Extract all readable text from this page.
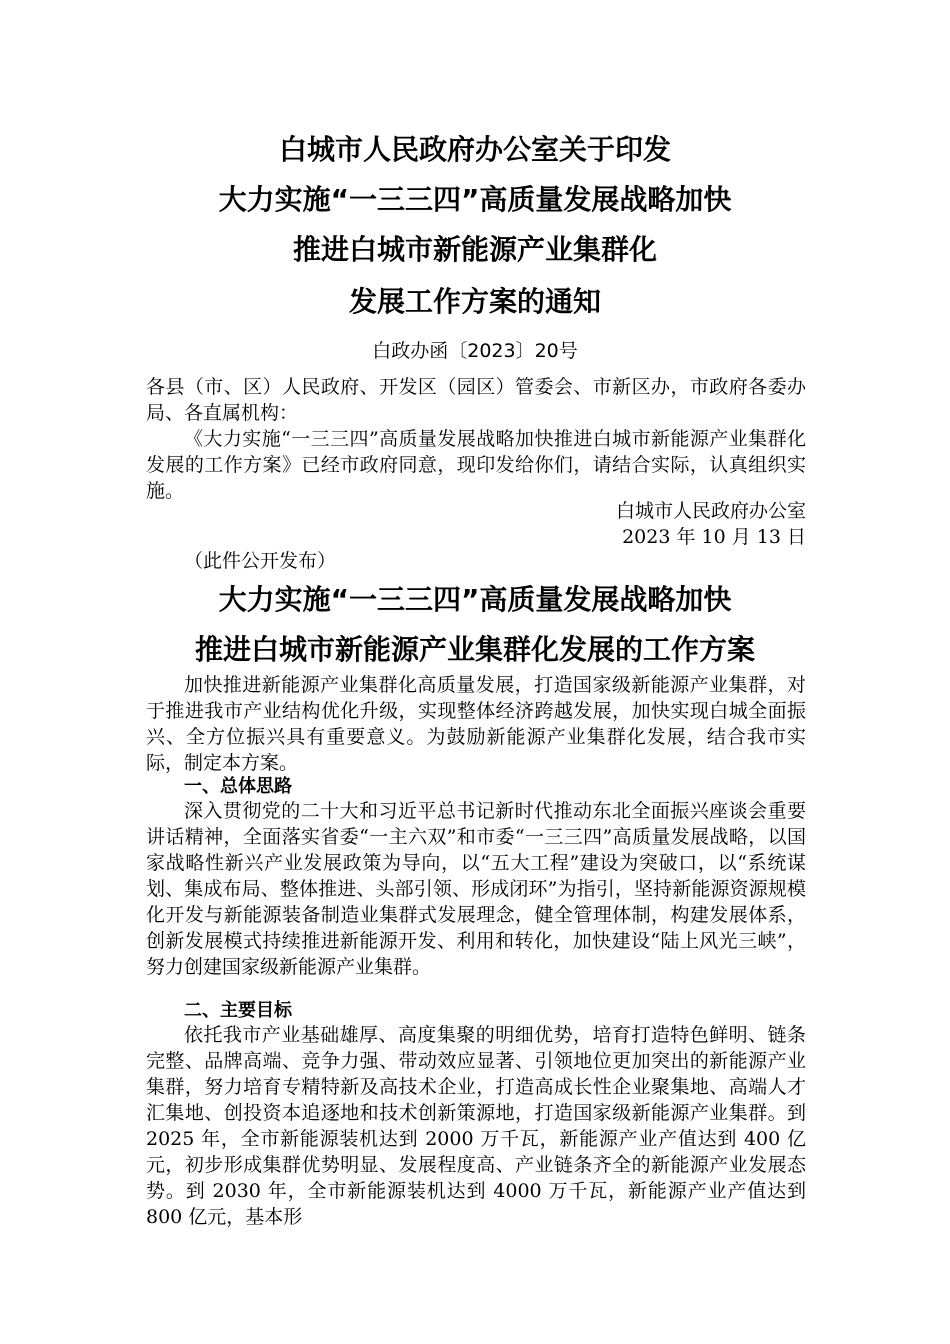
白城市人民政府办公室关于印发
大力实施“一三三四”高质量发展战略加快
推进白城市新能源产业集群化
发展工作方案的通知
白政办函〔2023〕20号
各县（市、区）人民政府、开发区（园区）管委会、市新区办，市政府各委办局、各直属机构：
《大力实施“一三三四”高质量发展战略加快推进白城市新能源产业集群化发展的工作方案》已经市政府同意，现印发给你们，请结合实际，认真组织实施。
白城市人民政府办公室
2023 年 10 月 13 日
（此件公开发布）
大力实施“一三三四”高质量发展战略加快
推进白城市新能源产业集群化发展的工作方案
加快推进新能源产业集群化高质量发展，打造国家级新能源产业集群，对于推进我市产业结构优化升级，实现整体经济跨越发展，加快实现白城全面振兴、全方位振兴具有重要意义。为鼓励新能源产业集群化发展，结合我市实际，制定本方案。
一、总体思路
深入贯彻党的二十大和习近平总书记新时代推动东北全面振兴座谈会重要讲话精神，全面落实省委“一主六双”和市委“一三三四”高质量发展战略，以国家战略性新兴产业发展政策为导向，以“五大工程”建设为突破口，以“系统谋划、集成布局、整体推进、头部引领、形成闭环”为指引，坚持新能源资源规模化开发与新能源装备制造业集群式发展理念，健全管理体制，构建发展体系，创新发展模式持续推进新能源开发、利用和转化，加快建设“陆上风光三峡”，努力创建国家级新能源产业集群。
二、主要目标
依托我市产业基础雄厚、高度集聚的明细优势，培育打造特色鲜明、链条完整、品牌高端、竞争力强、带动效应显著、引领地位更加突出的新能源产业集群，努力培育专精特新及高技术企业，打造高成长性企业聚集地、高端人才汇集地、创投资本追逐地和技术创新策源地，打造国家级新能源产业集群。到 2025 年，全市新能源装机达到 2000 万千瓦，新能源产业产值达到 400 亿元，初步形成集群优势明显、发展程度高、产业链条齐全的新能源产业发展态势。到 2030 年，全市新能源装机达到 4000 万千瓦，新能源产业产值达到 800 亿元，基本形
